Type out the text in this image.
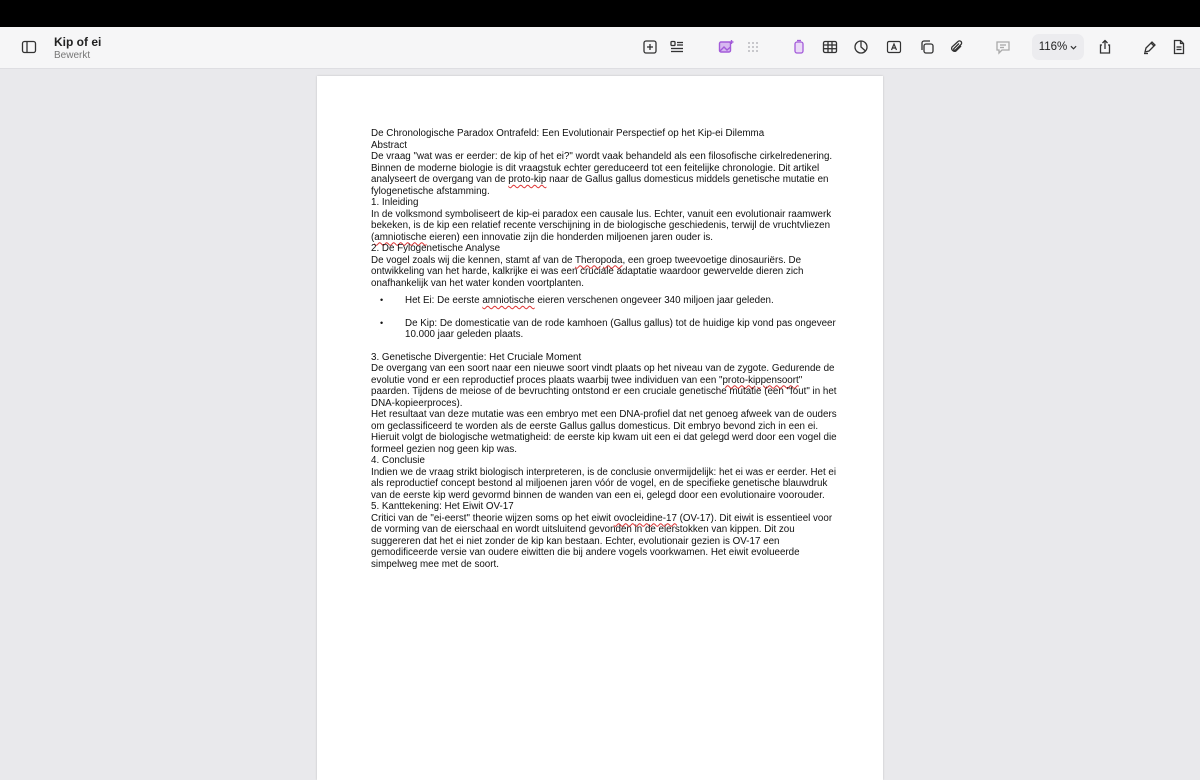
Kip of ei
Bewerkt
116%

De Chronologische Paradox Ontrafeld: Een Evolutionair Perspectief op het Kip-ei Dilemma

Abstract

De vraag "wat was er eerder: de kip of het ei?" wordt vaak behandeld als een filosofische cirkelredenering. Binnen de moderne biologie is dit vraagstuk echter gereduceerd tot een feitelijke chronologie. Dit artikel analyseert de overgang van de proto-kip naar de Gallus gallus domesticus middels genetische mutatie en fylogenetische afstamming.

1. Inleiding

In de volksmond symboliseert de kip-ei paradox een causale lus. Echter, vanuit een evolutionair raamwerk bekeken, is de kip een relatief recente verschijning in de biologische geschiedenis, terwijl de vruchtvliezen (amniotische eieren) een innovatie zijn die honderden miljoenen jaren ouder is.

2. De Fylogenetische Analyse

De vogel zoals wij die kennen, stamt af van de Theropoda, een groep tweevoetige dinosauriërs. De ontwikkeling van het harde, kalkrijke ei was een cruciale adaptatie waardoor gewervelde dieren zich onafhankelijk van het water konden voortplanten.

• Het Ei: De eerste amniotische eieren verschenen ongeveer 340 miljoen jaar geleden.
• De Kip: De domesticatie van de rode kamhoen (Gallus gallus) tot de huidige kip vond pas ongeveer 10.000 jaar geleden plaats.

3. Genetische Divergentie: Het Cruciale Moment

De overgang van een soort naar een nieuwe soort vindt plaats op het niveau van de zygote. Gedurende de evolutie vond er een reproductief proces plaats waarbij twee individuen van een "proto-kippensoort" paarden. Tijdens de meiose of de bevruchting ontstond er een cruciale genetische mutatie (een "fout" in het DNA-kopieerproces).

Het resultaat van deze mutatie was een embryo met een DNA-profiel dat net genoeg afweek van de ouders om geclassificeerd te worden als de eerste Gallus gallus domesticus. Dit embryo bevond zich in een ei. Hieruit volgt de biologische wetmatigheid: de eerste kip kwam uit een ei dat gelegd werd door een vogel die formeel gezien nog geen kip was.

4. Conclusie

Indien we de vraag strikt biologisch interpreteren, is de conclusie onvermijdelijk: het ei was er eerder. Het ei als reproductief concept bestond al miljoenen jaren vóór de vogel, en de specifieke genetische blauwdruk van de eerste kip werd gevormd binnen de wanden van een ei, gelegd door een evolutionaire voorouder.

5. Kanttekening: Het Eiwit OV-17

Critici van de "ei-eerst" theorie wijzen soms op het eiwit ovocleidine-17 (OV-17). Dit eiwit is essentieel voor de vorming van de eierschaal en wordt uitsluitend gevonden in de eierstokken van kippen. Dit zou suggereren dat het ei niet zonder de kip kan bestaan. Echter, evolutionair gezien is OV-17 een gemodificeerde versie van oudere eiwitten die bij andere vogels voorkwamen. Het eiwit evolueerde simpelweg mee met de soort.
